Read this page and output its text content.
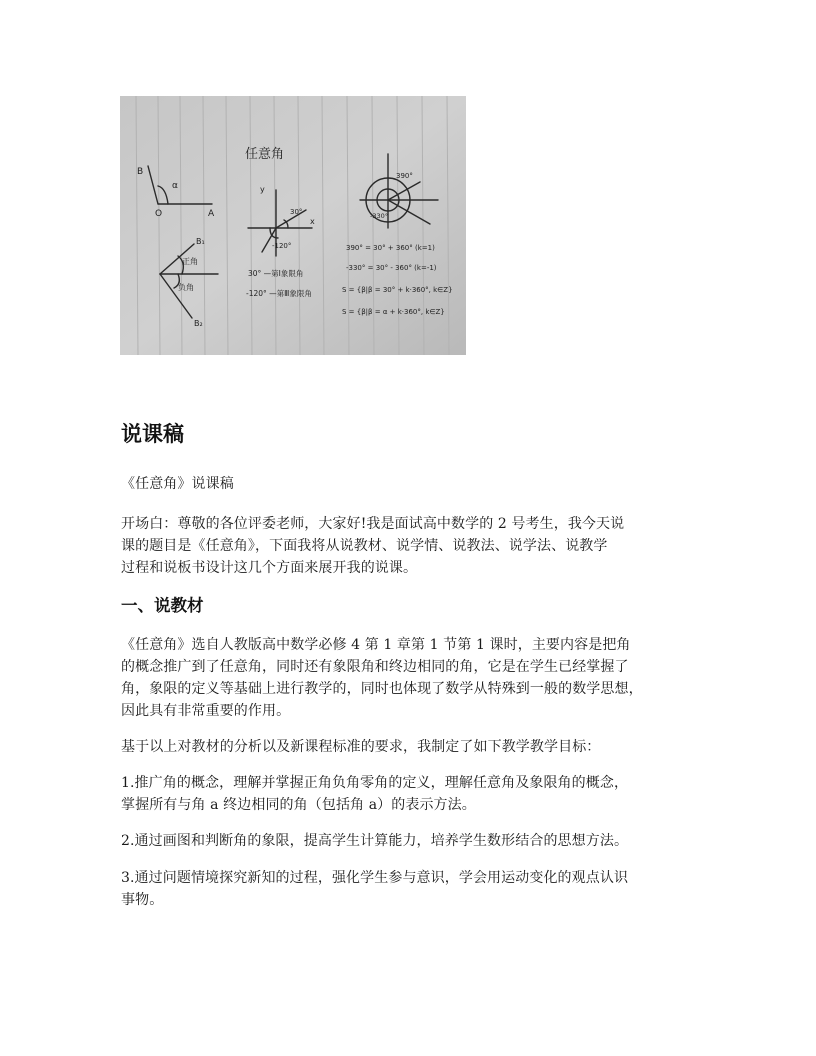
任意角
B
α
O	A
B₁
正角
负角
B₂
y
x
30°
-120°
30° —第Ⅰ象限角
-120° —第Ⅲ象限角
390°
-330°
390° = 30° + 360° (k=1)
-330° = 30° - 360° (k=-1)
S = {β|β = 30° + k·360°, k∈Z}
S = {β|β = α + k·360°, k∈Z}
说课稿
《任意角》说课稿
开场白：尊敬的各位评委老师，大家好!我是面试高中数学的 2 号考生，我今天说
课的题目是《任意角》，下面我将从说教材、说学情、说教法、说学法、说教学
过程和说板书设计这几个方面来展开我的说课。
一、说教材
《任意角》选自人教版高中数学必修 4 第 1 章第 1 节第 1 课时，主要内容是把角
的概念推广到了任意角，同时还有象限角和终边相同的角，它是在学生已经掌握了
角，象限的定义等基础上进行教学的，同时也体现了数学从特殊到一般的数学思想，
因此具有非常重要的作用。
基于以上对教材的分析以及新课程标准的要求，我制定了如下教学教学目标：
1.推广角的概念，理解并掌握正角负角零角的定义，理解任意角及象限角的概念，
掌握所有与角 a 终边相同的角（包括角 a）的表示方法。
2.通过画图和判断角的象限，提高学生计算能力，培养学生数形结合的思想方法。
3.通过问题情境探究新知的过程，强化学生参与意识，学会用运动变化的观点认识
事物。
